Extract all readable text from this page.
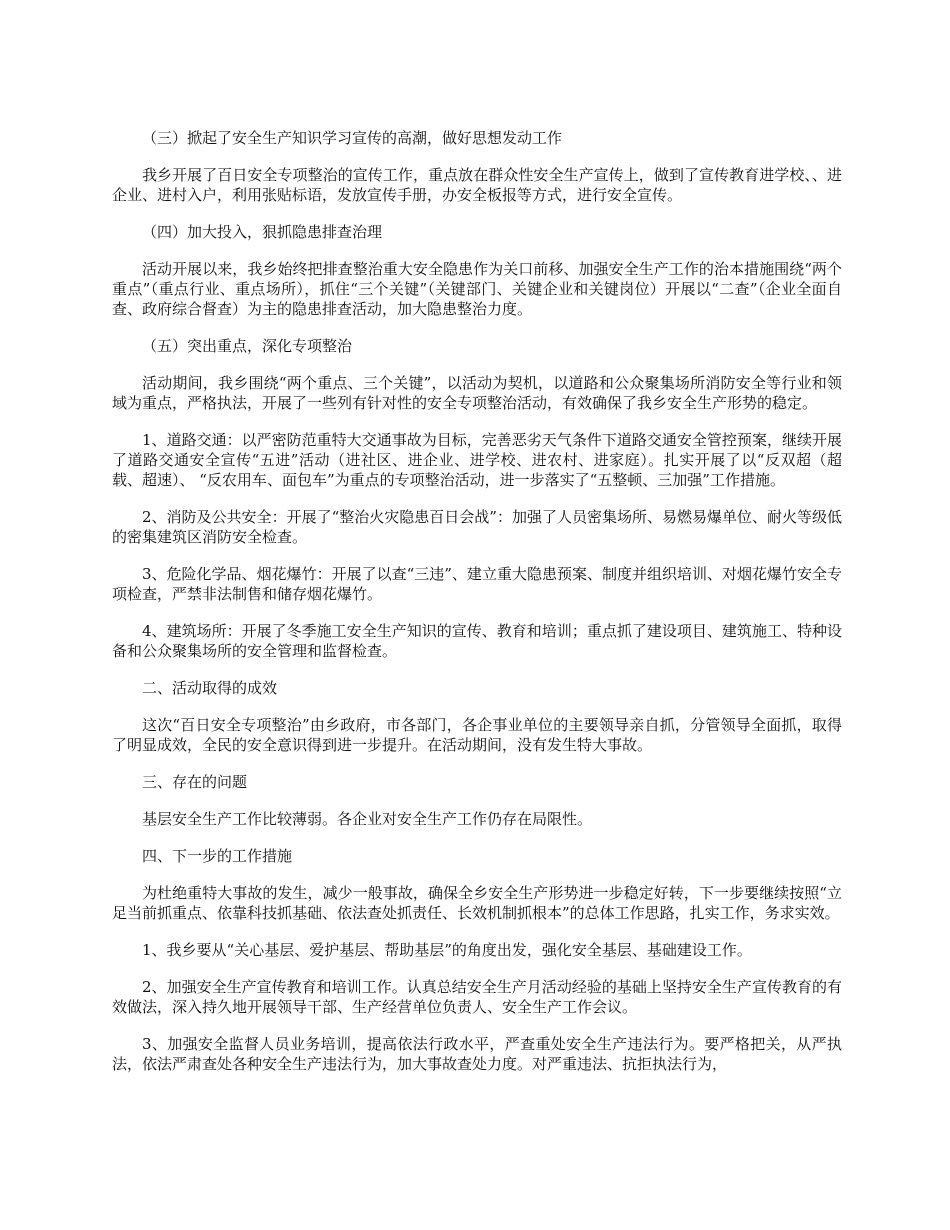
（三）掀起了安全生产知识学习宣传的高潮，做好思想发动工作

我乡开展了百日安全专项整治的宣传工作，重点放在群众性安全生产宣传上，做到了宣传教育进学校、、进企业、进村入户，利用张贴标语，发放宣传手册，办安全板报等方式，进行安全宣传。

（四）加大投入，狠抓隐患排查治理

活动开展以来，我乡始终把排查整治重大安全隐患作为关口前移、加强安全生产工作的治本措施围绕“两个重点”（重点行业、重点场所），抓住“三个关键”（关键部门、关键企业和关键岗位）开展以“二查”（企业全面自查、政府综合督查）为主的隐患排查活动，加大隐患整治力度。

（五）突出重点，深化专项整治

活动期间，我乡围绕“两个重点、三个关键”，以活动为契机，以道路和公众聚集场所消防安全等行业和领域为重点，严格执法，开展了一些列有针对性的安全专项整治活动，有效确保了我乡安全生产形势的稳定。

1、道路交通：以严密防范重特大交通事故为目标，完善恶劣天气条件下道路交通安全管控预案，继续开展了道路交通安全宣传“五进”活动（进社区、进企业、进学校、进农村、进家庭）。扎实开展了以“反双超（超载、超速）、 “反农用车、面包车”为重点的专项整治活动，进一步落实了“五整顿、三加强”工作措施。

2、消防及公共安全：开展了“整治火灾隐患百日会战”：加强了人员密集场所、易燃易爆单位、耐火等级低的密集建筑区消防安全检查。

3、危险化学品、烟花爆竹：开展了以查“三违”、建立重大隐患预案、制度并组织培训、对烟花爆竹安全专项检查，严禁非法制售和储存烟花爆竹。

4、建筑场所：开展了冬季施工安全生产知识的宣传、教育和培训；重点抓了建设项目、建筑施工、特种设备和公众聚集场所的安全管理和监督检查。

二、活动取得的成效

这次“百日安全专项整治”由乡政府，市各部门，各企事业单位的主要领导亲自抓，分管领导全面抓，取得了明显成效，全民的安全意识得到进一步提升。在活动期间，没有发生特大事故。

三、存在的问题

基层安全生产工作比较薄弱。各企业对安全生产工作仍存在局限性。

四、下一步的工作措施

为杜绝重特大事故的发生，减少一般事故，确保全乡安全生产形势进一步稳定好转，下一步要继续按照“立足当前抓重点、依靠科技抓基础、依法查处抓责任、长效机制抓根本”的总体工作思路，扎实工作，务求实效。

1、我乡要从“关心基层、爱护基层、帮助基层”的角度出发，强化安全基层、基础建设工作。

2、加强安全生产宣传教育和培训工作。认真总结安全生产月活动经验的基础上坚持安全生产宣传教育的有效做法，深入持久地开展领导干部、生产经营单位负责人、安全生产工作会议。

3、加强安全监督人员业务培训，提高依法行政水平，严查重处安全生产违法行为。要严格把关，从严执法，依法严肃查处各种安全生产违法行为，加大事故查处力度。对严重违法、抗拒执法行为，
